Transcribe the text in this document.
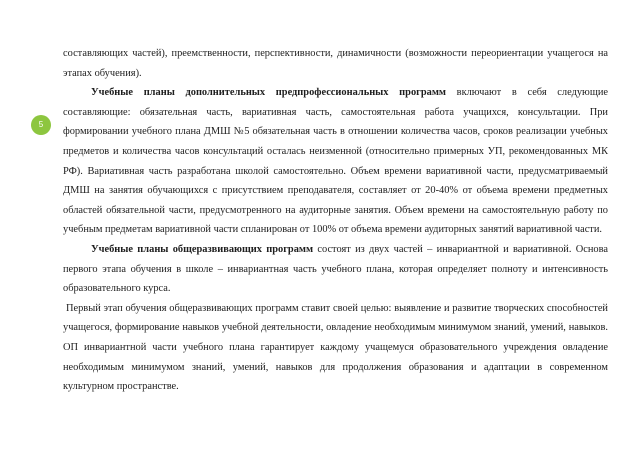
5

составляющих частей), преемственности, перспективности, динамичности (возможности переориентации учащегося на этапах обучения).

Учебные планы дополнительных предпрофессиональных программ включают в себя следующие составляющие: обязательная часть, вариативная часть, самостоятельная работа учащихся, консультации. При формировании учебного плана ДМШ №5 обязательная часть в отношении количества часов, сроков реализации учебных предметов и количества часов консультаций осталась неизменной (относительно примерных УП, рекомендованных МК РФ). Вариативная часть разработана школой самостоятельно. Объем времени вариативной части, предусматриваемый ДМШ на занятия обучающихся с присутствием преподавателя, составляет от 20-40% от объема времени предметных областей обязательной части, предусмотренного на аудиторные занятия. Объем времени на самостоятельную работу по учебным предметам вариативной части спланирован от 100% от объема времени аудиторных занятий вариативной части.

Учебные планы общеразвивающих программ состоят из двух частей – инвариантной и вариативной. Основа первого этапа обучения в школе – инвариантная часть учебного плана, которая определяет полноту и интенсивность образовательного курса.

Первый этап обучения общеразвивающих программ ставит своей целью: выявление и развитие творческих способностей учащегося, формирование навыков учебной деятельности, овладение необходимым минимумом знаний, умений, навыков. ОП инвариантной части учебного плана гарантирует каждому учащемуся образовательного учреждения овладение необходимым минимумом знаний, умений, навыков для продолжения образования и адаптации в современном культурном пространстве.
